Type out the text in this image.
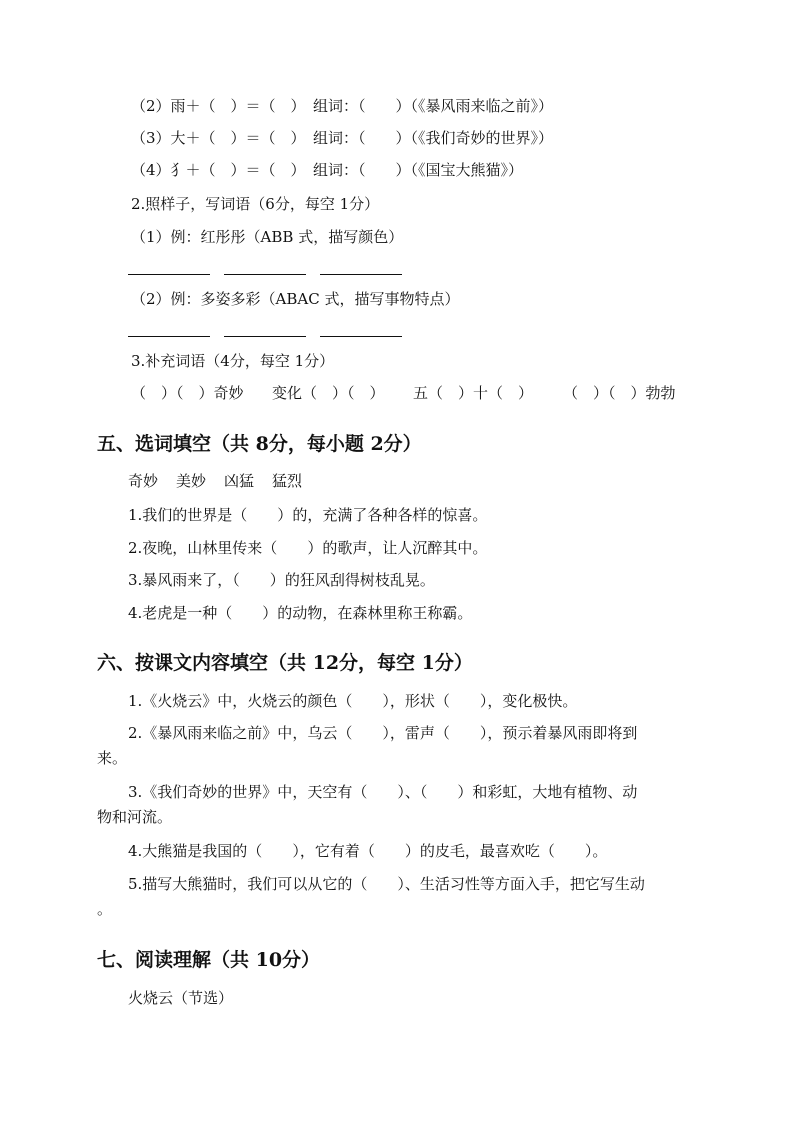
（2）雨＋（　）＝（　）　组词：（　　）（《暴风雨来临之前》）
（3）大＋（　）＝（　）　组词：（　　）（《我们奇妙的世界》）
（4）犭＋（　）＝（　）　组词：（　　）（《国宝大熊猫》）
2.照样子，写词语（6分，每空 1分）
（1）例：红彤彤（ABB 式，描写颜色）
（2）例：多姿多彩（ABAC 式，描写事物特点）
3.补充词语（4分，每空 1分）
（　）（　）奇妙 变化（　）（　） 五（　）十（　） （　）（　）勃勃
五、选词填空（共 8分，每小题 2分）
奇妙 美妙 凶猛 猛烈
1.我们的世界是（　　）的，充满了各种各样的惊喜。
2.夜晚，山林里传来（　　）的歌声，让人沉醉其中。
3.暴风雨来了，（　　）的狂风刮得树枝乱晃。
4.老虎是一种（　　）的动物，在森林里称王称霸。
六、按课文内容填空（共 12分，每空 1分）
1.《火烧云》中，火烧云的颜色（　　），形状（　　），变化极快。
2.《暴风雨来临之前》中，乌云（　　），雷声（　　），预示着暴风雨即将到
来。
3.《我们奇妙的世界》中，天空有（　　）、（　　）和彩虹，大地有植物、动
物和河流。
4.大熊猫是我国的（　　），它有着（　　）的皮毛，最喜欢吃（　　）。
5.描写大熊猫时，我们可以从它的（　　）、生活习性等方面入手，把它写生动
。
七、阅读理解（共 10分）
火烧云（节选）
